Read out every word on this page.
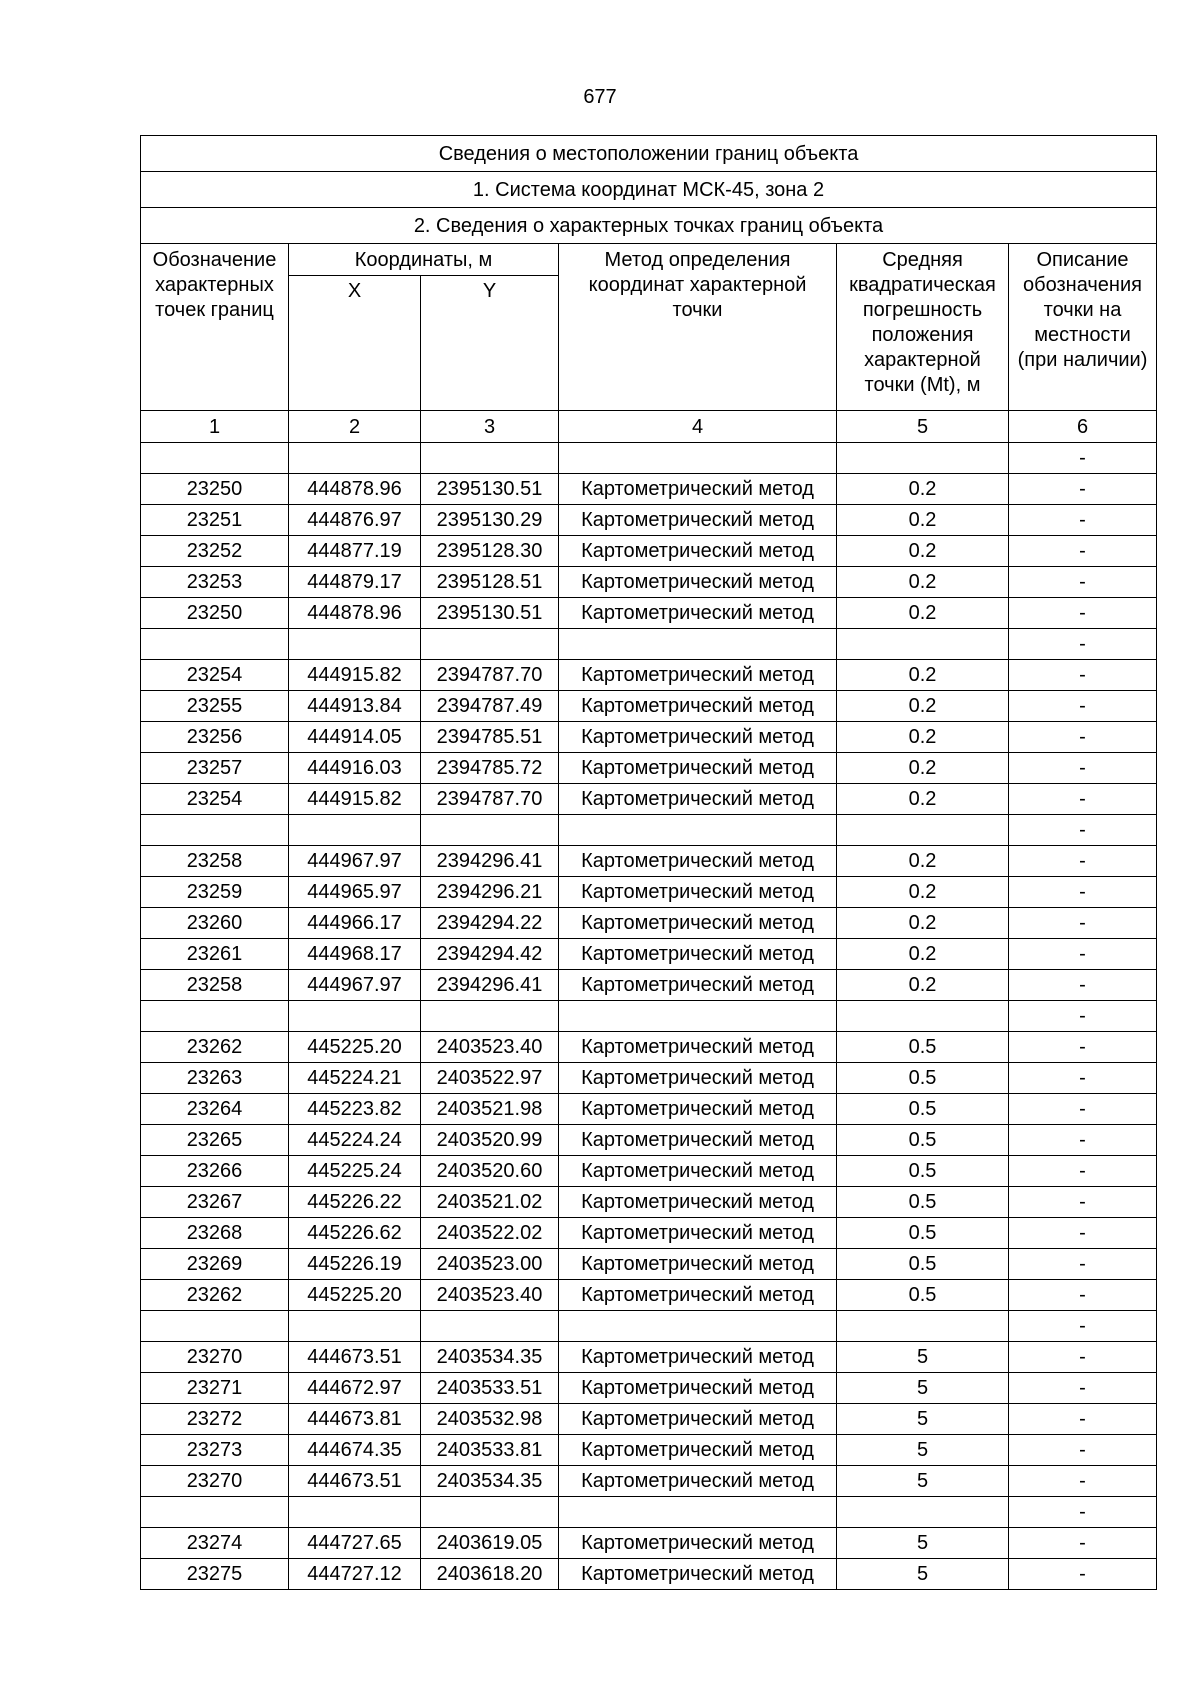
677
Сведения о местоположении границ объекта					
1. Система координат МСК-45, зона 2					
2. Сведения о характерных точках границ объекта					
Обозначение характерных точек границ	Координаты, м		Метод определения координат характерной точки	Средняя квадратическая погрешность положения характерной точки (Mt), м	Описание обозначения точки на местности (при наличии)
	X	Y			
1	2	3	4	5	6
					-
23250	444878.96	2395130.51	Картометрический метод	0.2	-
23251	444876.97	2395130.29	Картометрический метод	0.2	-
23252	444877.19	2395128.30	Картометрический метод	0.2	-
23253	444879.17	2395128.51	Картометрический метод	0.2	-
23250	444878.96	2395130.51	Картометрический метод	0.2	-
					-
23254	444915.82	2394787.70	Картометрический метод	0.2	-
23255	444913.84	2394787.49	Картометрический метод	0.2	-
23256	444914.05	2394785.51	Картометрический метод	0.2	-
23257	444916.03	2394785.72	Картометрический метод	0.2	-
23254	444915.82	2394787.70	Картометрический метод	0.2	-
					-
23258	444967.97	2394296.41	Картометрический метод	0.2	-
23259	444965.97	2394296.21	Картометрический метод	0.2	-
23260	444966.17	2394294.22	Картометрический метод	0.2	-
23261	444968.17	2394294.42	Картометрический метод	0.2	-
23258	444967.97	2394296.41	Картометрический метод	0.2	-
					-
23262	445225.20	2403523.40	Картометрический метод	0.5	-
23263	445224.21	2403522.97	Картометрический метод	0.5	-
23264	445223.82	2403521.98	Картометрический метод	0.5	-
23265	445224.24	2403520.99	Картометрический метод	0.5	-
23266	445225.24	2403520.60	Картометрический метод	0.5	-
23267	445226.22	2403521.02	Картометрический метод	0.5	-
23268	445226.62	2403522.02	Картометрический метод	0.5	-
23269	445226.19	2403523.00	Картометрический метод	0.5	-
23262	445225.20	2403523.40	Картометрический метод	0.5	-
					-
23270	444673.51	2403534.35	Картометрический метод	5	-
23271	444672.97	2403533.51	Картометрический метод	5	-
23272	444673.81	2403532.98	Картометрический метод	5	-
23273	444674.35	2403533.81	Картометрический метод	5	-
23270	444673.51	2403534.35	Картометрический метод	5	-
					-
23274	444727.65	2403619.05	Картометрический метод	5	-
23275	444727.12	2403618.20	Картометрический метод	5	-
